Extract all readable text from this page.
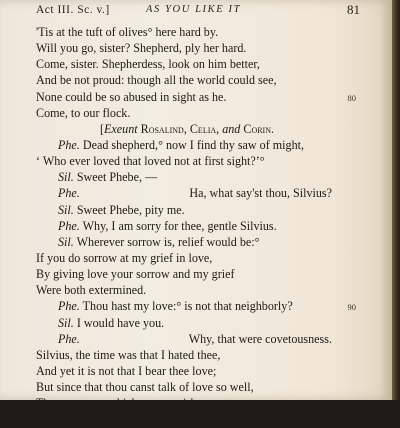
Act III. Sc. v.]	AS YOU LIKE IT	81
'Tis at the tuft of olives° here hard by.
Will you go, sister? Shepherd, ply her hard.
Come, sister. Shepherdess, look on him better,
And be not proud: though all the world could see,
None could be so abused in sight as he.	80
Come, to our flock.
[Exeunt Rosalind, Celia, and Corin.
Phe. Dead shepherd,° now I find thy saw of might,
‘ Who ever loved that loved not at first sight?’°
Sil. Sweet Phebe, —
Phe.	Ha, what say'st thou, Silvius?
Sil. Sweet Phebe, pity me.
Phe. Why, I am sorry for thee, gentle Silvius.
Sil. Wherever sorrow is, relief would be:°
If you do sorrow at my grief in love,
By giving love your sorrow and my grief
Were both extermined.
Phe. Thou hast my love:° is not that neighborly?	90
Sil. I would have you.
Phe.	Why, that were covetousness.
Silvius, the time was that I hated thee,
And yet it is not that I bear thee love;
But since that thou canst talk of love so well,
Thy company, which erst was irksome to me,
I will endure, and I'll employ thee too:
